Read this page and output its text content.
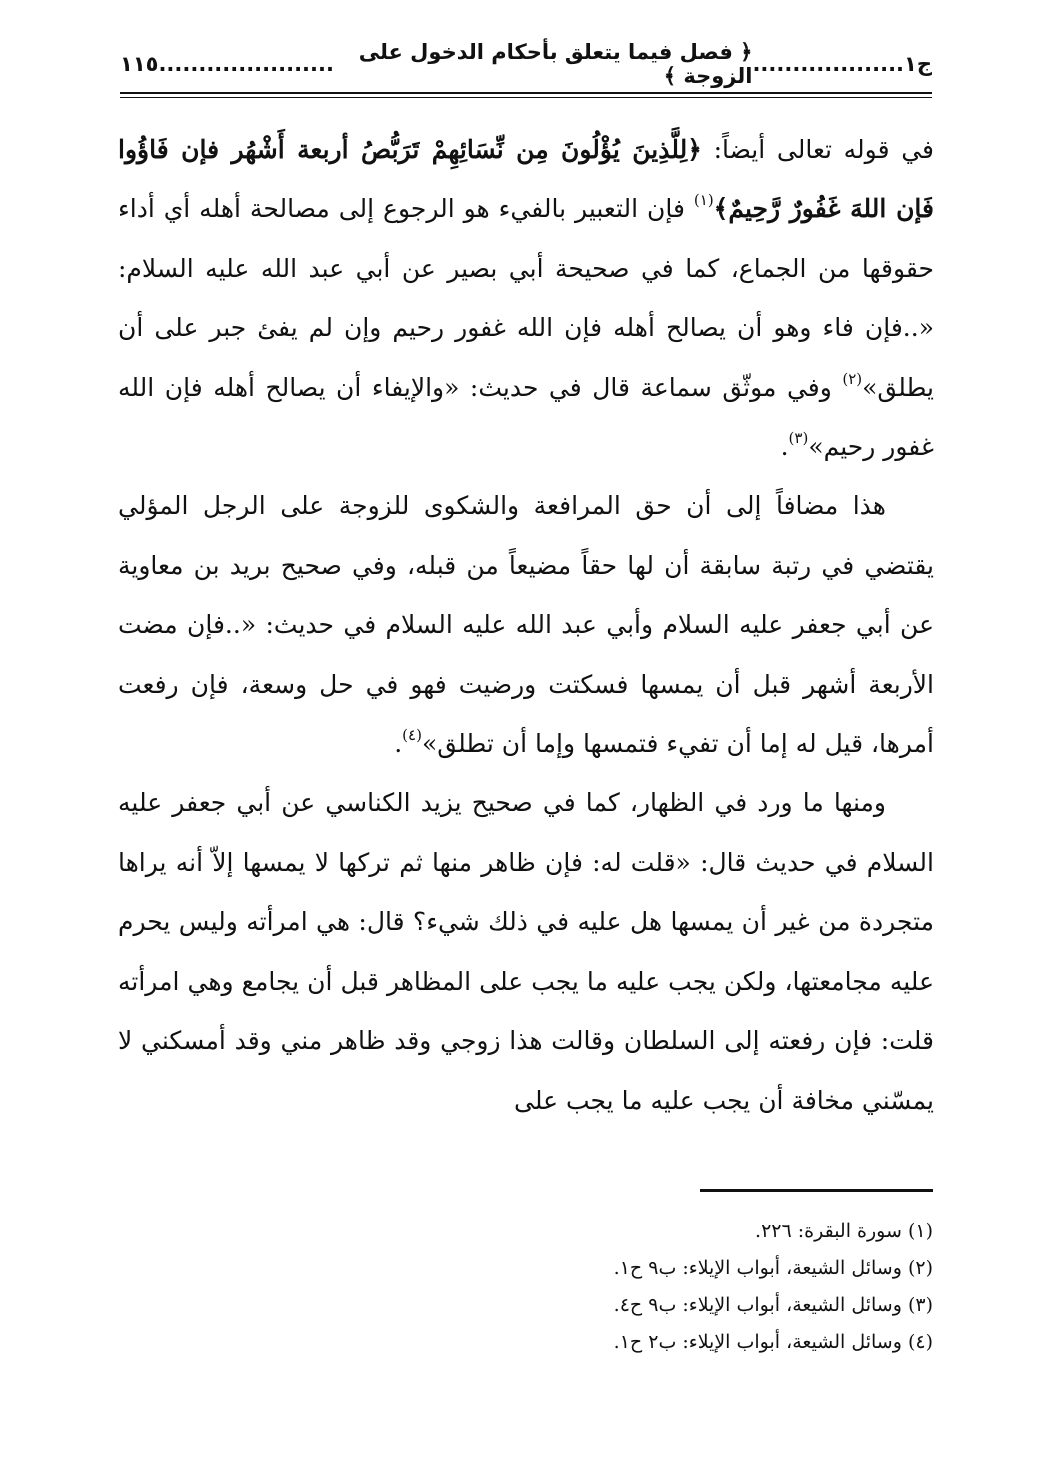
ج١
...................
﴿ فصل فيما يتعلق بأحكام الدخول على الزوجة ﴾
......................
١١٥

في قوله تعالى أيضاً: ﴿لِلَّذِينَ يُؤْلُونَ مِن نِّسَائِهِمْ تَرَبُّصُ أربعة أَشْهُر فإن فَاؤُوا فَإن اللهَ غَفُورٌ رَّحِيمٌ﴾$^{(١)}$ فإن التعبير بالفيء هو الرجوع إلى مصالحة أهله أي أداء حقوقها من الجماع، كما في صحيحة أبي بصير عن أبي عبد الله عليه السلام: «..فإن فاء وهو أن يصالح أهله فإن الله غفور رحيم وإن لم يفئ جبر على أن يطلق»$^{(٢)}$ وفي موثّق سماعة قال في حديث: «والإيفاء أن يصالح أهله فإن الله غفور رحيم»$^{(٣)}$.

هذا مضافاً إلى أن حق المرافعة والشكوى للزوجة على الرجل المؤلي يقتضي في رتبة سابقة أن لها حقاً مضيعاً من قبله، وفي صحيح بريد بن معاوية عن أبي جعفر عليه السلام وأبي عبد الله عليه السلام في حديث: «..فإن مضت الأربعة أشهر قبل أن يمسها فسكتت ورضيت فهو في حل وسعة، فإن رفعت أمرها، قيل له إما أن تفيء فتمسها وإما أن تطلق»$^{(٤)}$.

ومنها ما ورد في الظهار، كما في صحيح يزيد الكناسي عن أبي جعفر عليه السلام في حديث قال: «قلت له: فإن ظاهر منها ثم تركها لا يمسها إلاّ أنه يراها متجردة من غير أن يمسها هل عليه في ذلك شيء؟ قال: هي امرأته وليس يحرم عليه مجامعتها، ولكن يجب عليه ما يجب على المظاهر قبل أن يجامع وهي امرأته قلت: فإن رفعته إلى السلطان وقالت هذا زوجي وقد ظاهر مني وقد أمسكني لا يمسّني مخافة أن يجب عليه ما يجب على

(١) سورة البقرة: ٢٢٦.
(٢) وسائل الشيعة، أبواب الإيلاء: ب٩ ح١.
(٣) وسائل الشيعة، أبواب الإيلاء: ب٩ ح٤.
(٤) وسائل الشيعة، أبواب الإيلاء: ب٢ ح١.
